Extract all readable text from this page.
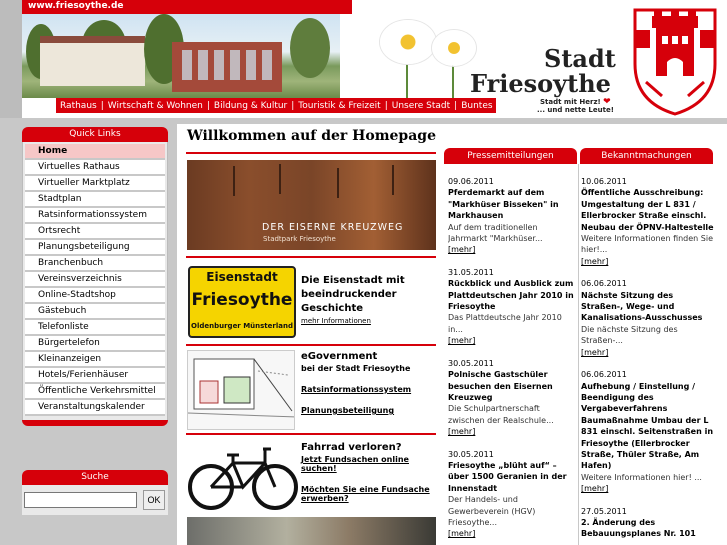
www.friesoythe.de
Stadt
Friesoythe
Stadt mit Herz! ❤
... und nette Leute!
Rathaus | Wirtschaft & Wohnen | Bildung & Kultur | Touristik & Freizeit | Unsere Stadt | Buntes | 700
Quick Links
Home
Virtuelles Rathaus
Virtueller Marktplatz
Stadtplan
Ratsinformationssystem
Ortsrecht
Planungsbeteiligung
Branchenbuch
Vereinsverzeichnis
Online-Stadtshop
Gästebuch
Telefonliste
Bürgertelefon
Kleinanzeigen
Hotels/Ferienhäuser
Öffentliche Verkehrsmittel
Veranstaltungskalender
Suche
OK
Willkommen auf der Homepage
DER EISERNE KREUZWEG
Stadtpark Friesoythe
Eisenstadt
Friesoythe
Oldenburger Münsterland
Die Eisenstadt mit beeindruckender Geschichte
mehr Informationen
eGovernment
bei der Stadt Friesoythe
Ratsinformationssystem
Planungsbeteiligung
Fahrrad verloren?
Jetzt Fundsachen online suchen!
Möchten Sie eine Fundsache erwerben?
Pressemitteilungen	Bekanntmachungen
09.06.2011
Pferdemarkt auf dem "Markhüser Bisseken" in Markhausen
Auf dem traditionellen Jahrmarkt "Markhüser...
[mehr]
31.05.2011
Rückblick und Ausblick zum Plattdeutschen Jahr 2010 in Friesoythe
Das Plattdeutsche Jahr 2010 in...
[mehr]
30.05.2011
Polnische Gastschüler besuchen den Eisernen Kreuzweg
Die Schulpartnerschaft zwischen der Realschule...
[mehr]
30.05.2011
Friesoythe „blüht auf“ – über 1500 Geranien in der Innenstadt
Der Handels- und Gewerbeverein (HGV) Friesoythe...
[mehr]
10.06.2011
Öffentliche Ausschreibung: Umgestaltung der L 831 / Ellerbrocker Straße einschl. Neubau der ÖPNV-Haltestelle
Weitere Informationen finden Sie hier!...
[mehr]
06.06.2011
Nächste Sitzung des Straßen-, Wege- und Kanalisations-Ausschusses
Die nächste Sitzung des Straßen-...
[mehr]
06.06.2011
Aufhebung / Einstellung / Beendigung des Vergabeverfahrens Baumaßnahme Umbau der L 831 einschl. Seitenstraßen in Friesoythe (Ellerbrocker Straße, Thüler Straße, Am Hafen)
Weitere Informationen hier! ...
[mehr]
27.05.2011
2. Änderung des Bebauungsplanes Nr. 101
